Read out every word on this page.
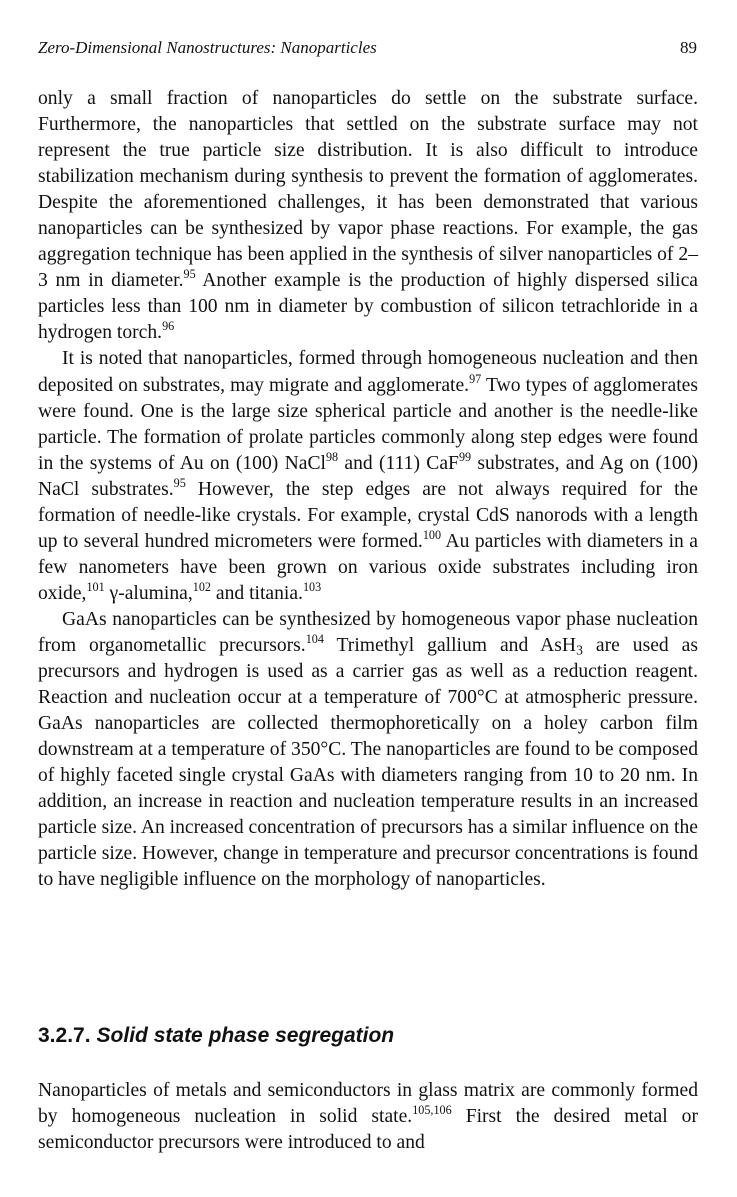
Zero-Dimensional Nanostructures: Nanoparticles	89

only a small fraction of nanoparticles do settle on the substrate surface. Furthermore, the nanoparticles that settled on the substrate surface may not represent the true particle size distribution. It is also difficult to introduce stabilization mechanism during synthesis to prevent the formation of agglomerates. Despite the aforementioned challenges, it has been demonstrated that various nanoparticles can be synthesized by vapor phase reactions. For example, the gas aggregation technique has been applied in the synthesis of silver nanoparticles of 2–3 nm in diameter.$^{95}$ Another example is the production of highly dispersed silica particles less than 100 nm in diameter by combustion of silicon tetrachloride in a hydrogen torch.$^{96}$

It is noted that nanoparticles, formed through homogeneous nucleation and then deposited on substrates, may migrate and agglomerate.$^{97}$ Two types of agglomerates were found. One is the large size spherical particle and another is the needle-like particle. The formation of prolate particles commonly along step edges were found in the systems of Au on (100) NaCl$^{98}$ and (111) CaF$^{99}$ substrates, and Ag on (100) NaCl substrates.$^{95}$ However, the step edges are not always required for the formation of needle-like crystals. For example, crystal CdS nanorods with a length up to several hundred micrometers were formed.$^{100}$ Au particles with diameters in a few nanometers have been grown on various oxide substrates including iron oxide,$^{101}$ γ-alumina,$^{102}$ and titania.$^{103}$

GaAs nanoparticles can be synthesized by homogeneous vapor phase nucleation from organometallic precursors.$^{104}$ Trimethyl gallium and AsH$_3$ are used as precursors and hydrogen is used as a carrier gas as well as a reduction reagent. Reaction and nucleation occur at a temperature of 700°C at atmospheric pressure. GaAs nanoparticles are collected thermophoretically on a holey carbon film downstream at a temperature of 350°C. The nanoparticles are found to be composed of highly faceted single crystal GaAs with diameters ranging from 10 to 20 nm. In addition, an increase in reaction and nucleation temperature results in an increased particle size. An increased concentration of precursors has a similar influence on the particle size. However, change in temperature and precursor concentrations is found to have negligible influence on the morphology of nanoparticles.

3.2.7. Solid state phase segregation

Nanoparticles of metals and semiconductors in glass matrix are commonly formed by homogeneous nucleation in solid state.$^{105,106}$ First the desired metal or semiconductor precursors were introduced to and
